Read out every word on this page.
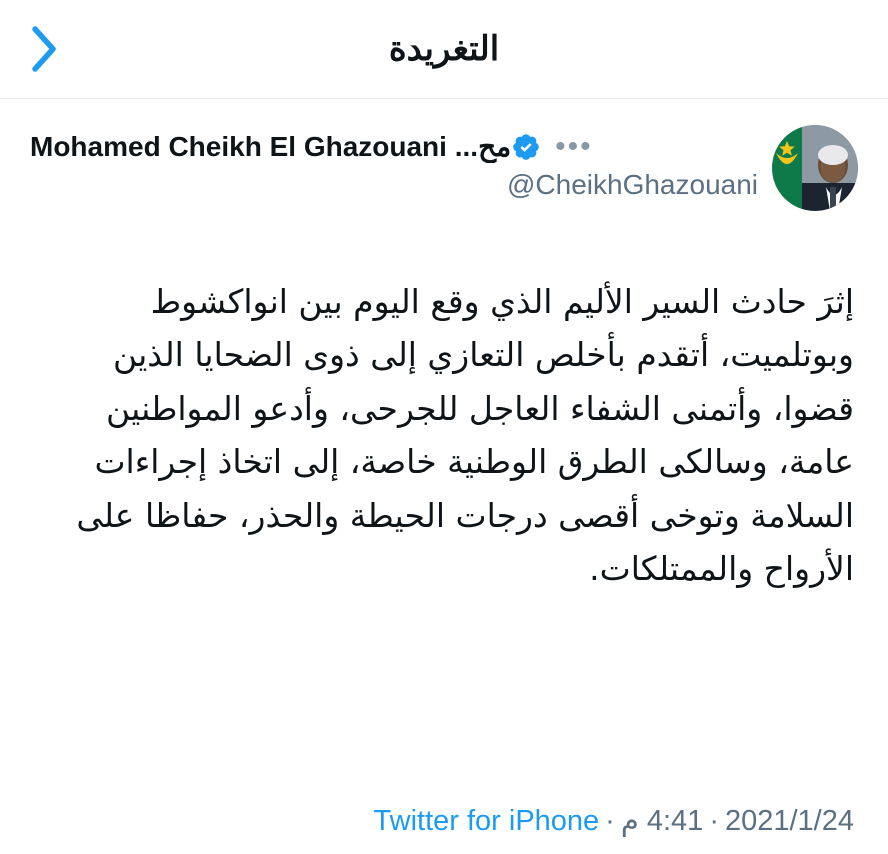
التغريدة
Mohamed Cheikh El Ghazouani ...مح •••
@CheikhGhazouani
إثرَ حادث السير الأليم الذي وقع اليوم بين انواكشوط وبوتلميت، أتقدم بأخلص التعازي إلى ذوى الضحايا الذين قضوا، وأتمنى الشفاء العاجل للجرحى، وأدعو المواطنين عامة، وسالكى الطرق الوطنية خاصة، إلى اتخاذ إجراءات السلامة وتوخى أقصى درجات الحيطة والحذر، حفاظا على الأرواح والممتلكات.
2021/1/24·4:41 م·Twitter for iPhone
